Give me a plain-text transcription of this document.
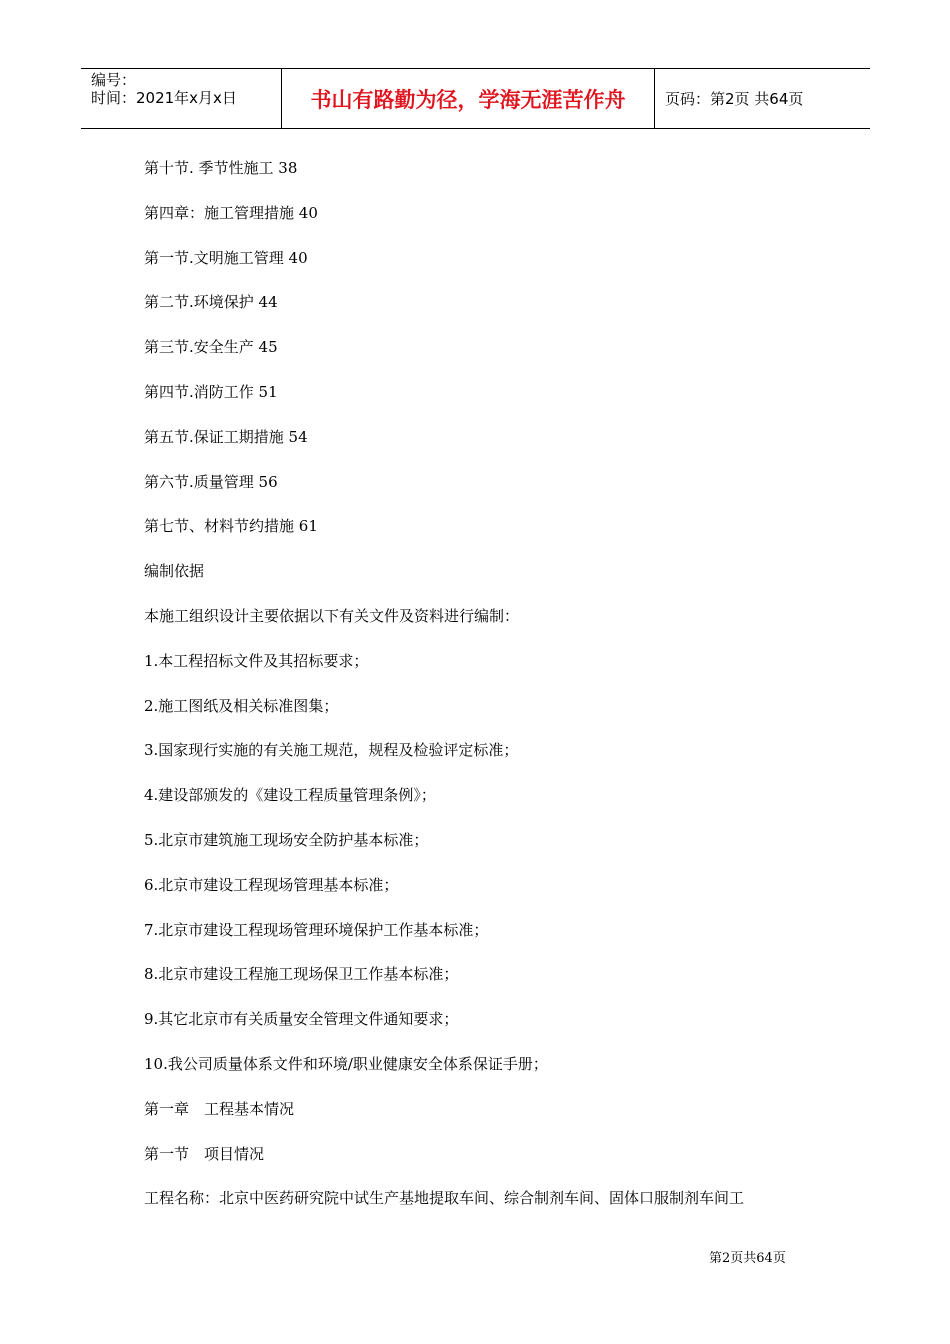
编号：
时间：2021年x月x日	书山有路勤为径，学海无涯苦作舟	页码：第2页 共64页
第十节. 季节性施工 38
第四章：施工管理措施 40
第一节.文明施工管理 40
第二节.环境保护 44
第三节.安全生产 45
第四节.消防工作 51
第五节.保证工期措施 54
第六节.质量管理 56
第七节、材料节约措施 61
编制依据
本施工组织设计主要依据以下有关文件及资料进行编制：
1.本工程招标文件及其招标要求；
2.施工图纸及相关标准图集；
3.国家现行实施的有关施工规范，规程及检验评定标准；
4.建设部颁发的《建设工程质量管理条例》；
5.北京市建筑施工现场安全防护基本标准；
6.北京市建设工程现场管理基本标准；
7.北京市建设工程现场管理环境保护工作基本标准；
8.北京市建设工程施工现场保卫工作基本标准；
9.其它北京市有关质量安全管理文件通知要求；
10.我公司质量体系文件和环境/职业健康安全体系保证手册；
第一章　工程基本情况
第一节　项目情况
工程名称：北京中医药研究院中试生产基地提取车间、综合制剂车间、固体口服制剂车间工
第2页共64页
